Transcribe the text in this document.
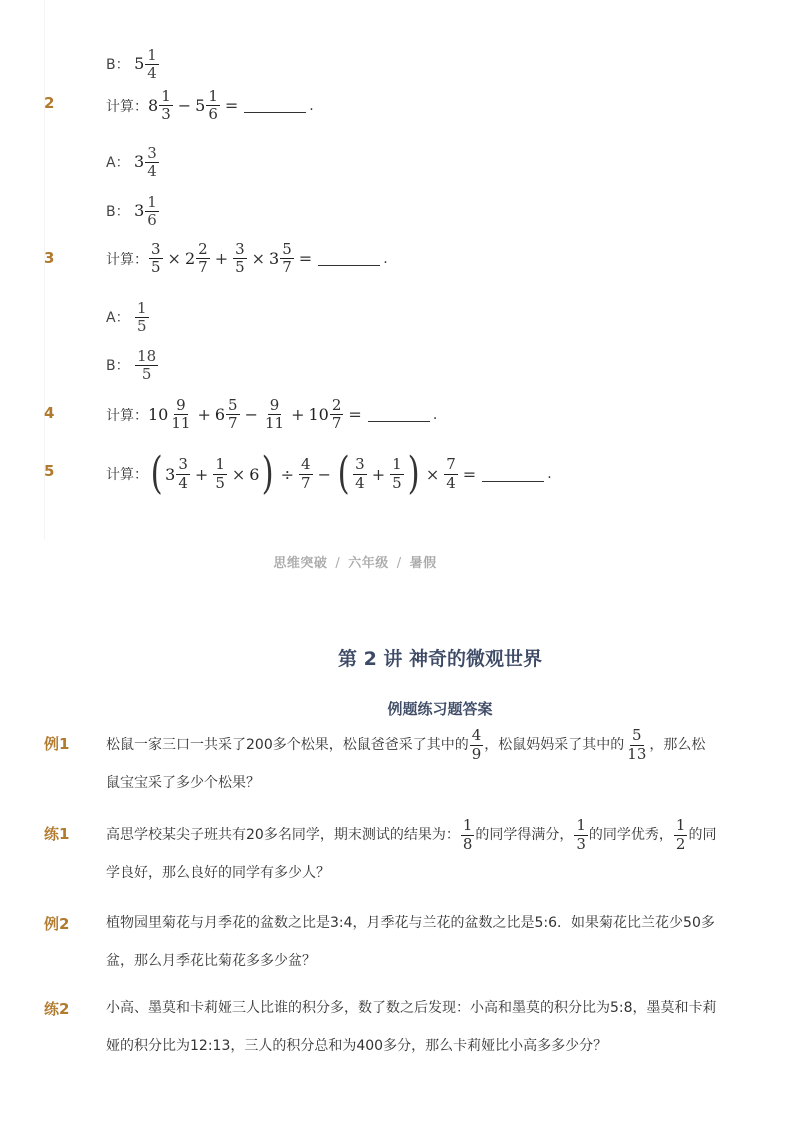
B： $5 \frac{1}{4}$
2	计算： $8 \frac{1}{3} - 5 \frac{1}{6}$ =	.
A： $3 \frac{3}{4}$
B： $3 \frac{1}{6}$
3	计算： $\frac{3}{5} \times 2 \frac{2}{7} + \frac{3}{5} \times 3 \frac{5}{7}$ =	.
A： $\frac{1}{5}$
B： $\frac{18}{5}$
4	计算： $10 \frac{9}{11} + 6 \frac{5}{7} - \frac{9}{11} + 10 \frac{2}{7}$ =	.
5	计算： ( $3 \frac{3}{4} + \frac{1}{5} \times 6$ ) ÷ $\frac{4}{7}$ − ( $\frac{3}{4} + \frac{1}{5}$ ) × $\frac{7}{4}$ =	.
思维突破 / 六年级 / 暑假
第 2 讲 神奇的微观世界
例题练习题答案
例1	松鼠一家三口一共采了200多个松果，松鼠爸爸采了其中的 $\frac{4}{9}$ ，松鼠妈妈采了其中的 $\frac{5}{13}$ ，那么松鼠宝宝采了多少个松果？
练1	高思学校某尖子班共有20多名同学，期末测试的结果为： $\frac{1}{8}$ 的同学得满分， $\frac{1}{3}$ 的同学优秀， $\frac{1}{2}$ 的同学良好，那么良好的同学有多少人？
例2	植物园里菊花与月季花的盆数之比是3:4，月季花与兰花的盆数之比是5:6．如果菊花比兰花少50多盆，那么月季花比菊花多多少盆？
练2	小高、墨莫和卡莉娅三人比谁的积分多，数了数之后发现：小高和墨莫的积分比为5:8，墨莫和卡莉娅的积分比为12:13，三人的积分总和为400多分，那么卡莉娅比小高多多少分？
